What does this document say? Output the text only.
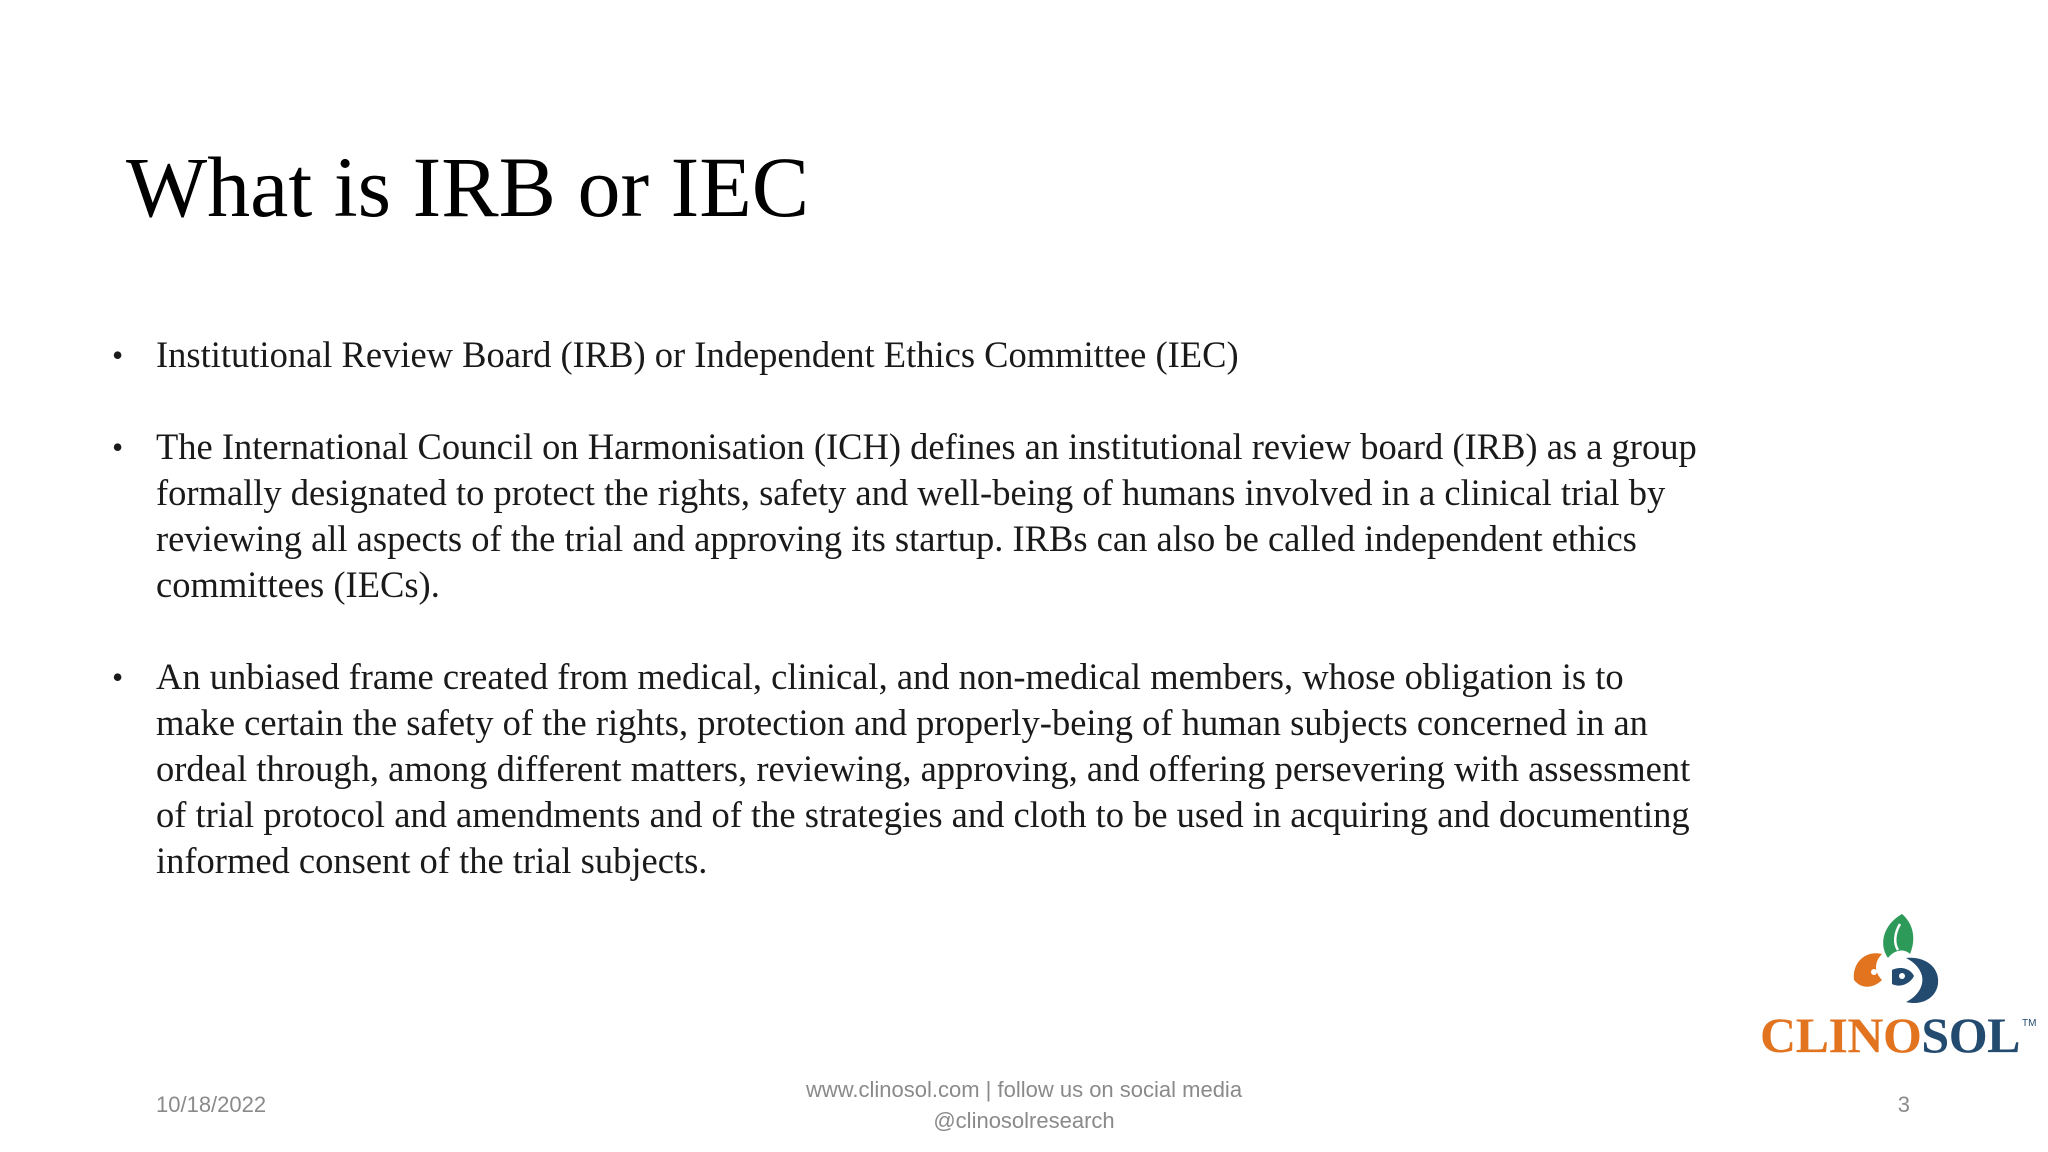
What is IRB or IEC
• Institutional Review Board (IRB) or Independent Ethics Committee (IEC)
• The International Council on Harmonisation (ICH) defines an institutional review board (IRB) as a group formally designated to protect the rights, safety and well-being of humans involved in a clinical trial by reviewing all aspects of the trial and approving its startup. IRBs can also be called independent ethics committees (IECs).
• An unbiased frame created from medical, clinical, and non-medical members, whose obligation is to make certain the safety of the rights, protection and properly-being of human subjects concerned in an ordeal through, among different matters, reviewing, approving, and offering persevering with assessment of trial protocol and amendments and of the strategies and cloth to be used in acquiring and documenting informed consent of the trial subjects.
CLINOSOL TM
10/18/2022
www.clinosol.com | follow us on social media
@clinosolresearch
3
